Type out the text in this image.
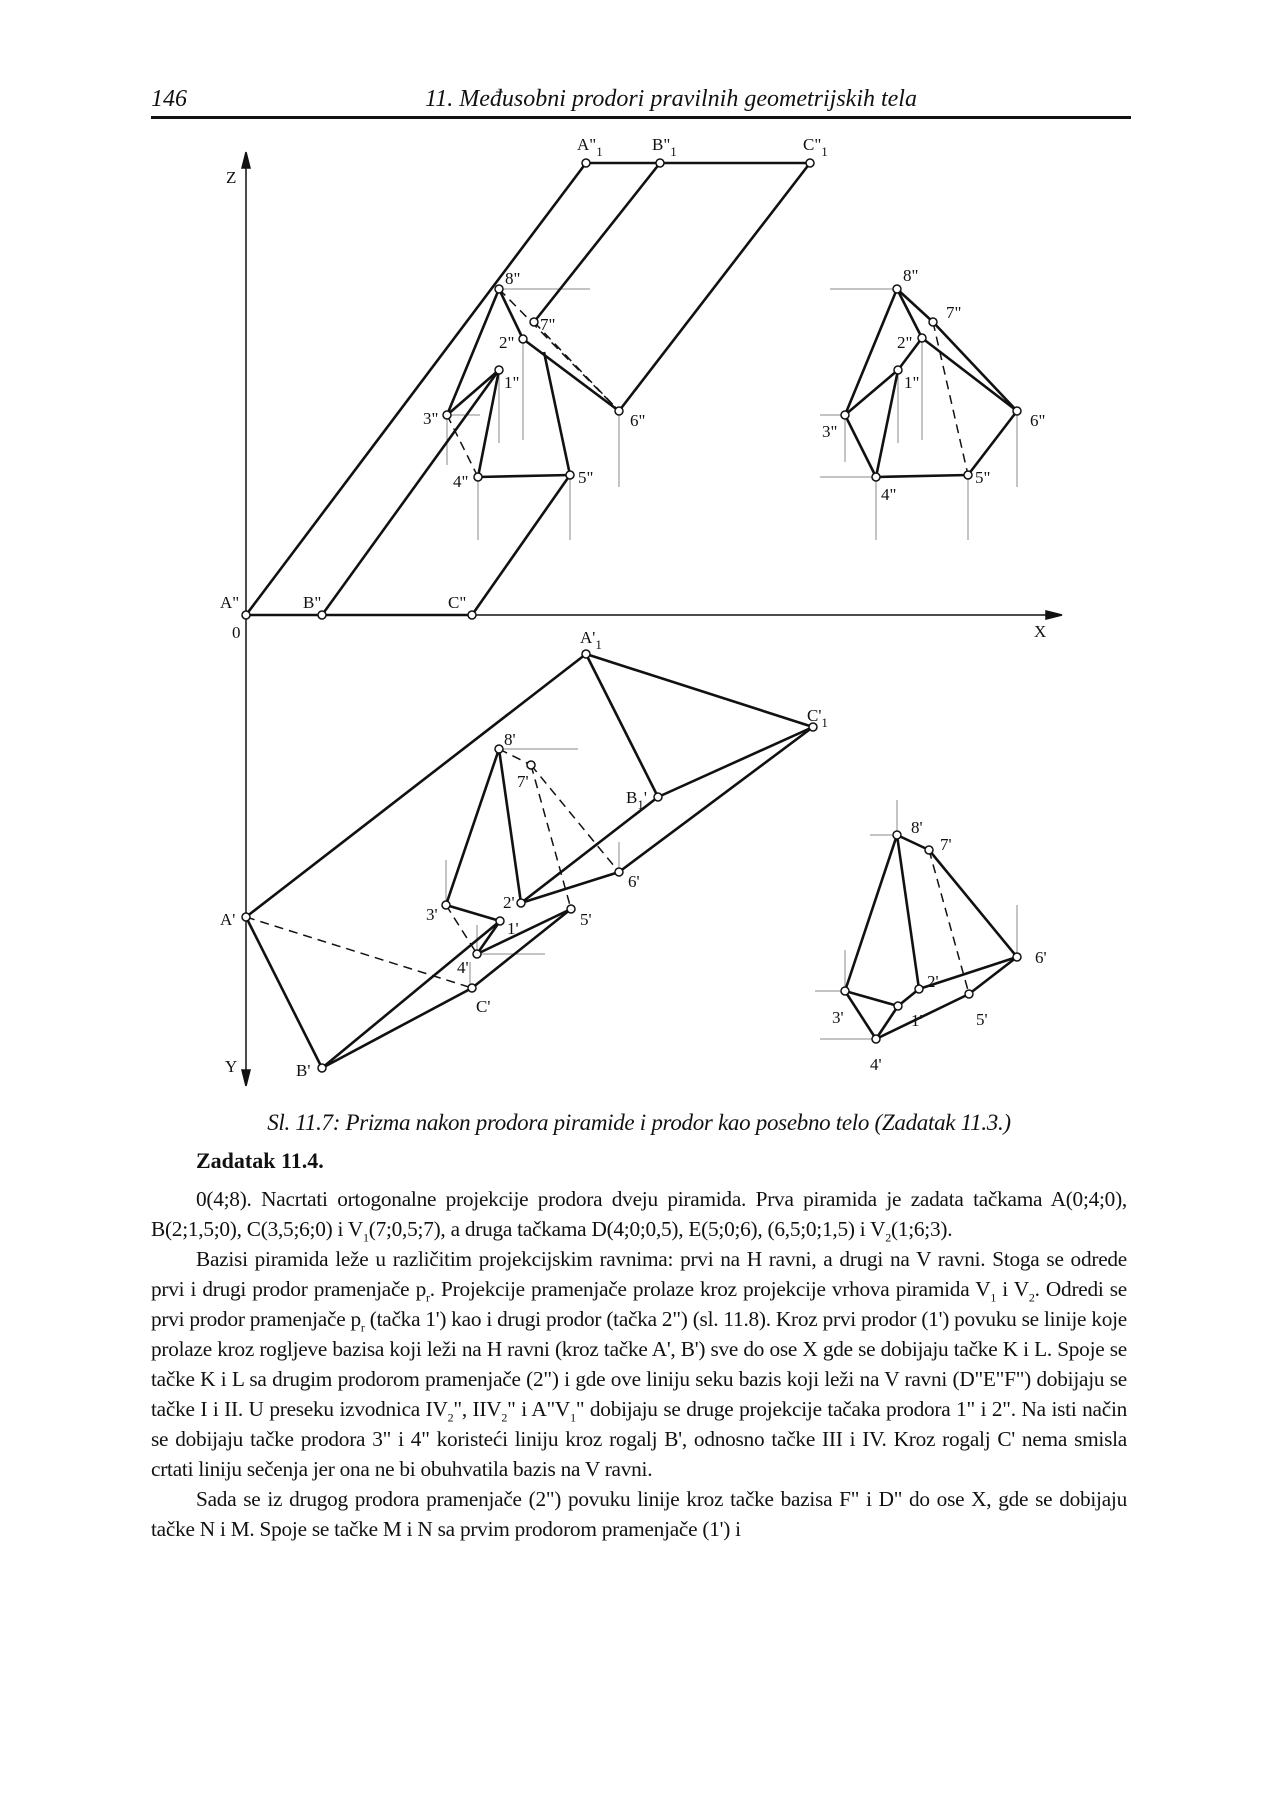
146	11. Međusobni prodori pravilnih geometrijskih tela
Z
X
0
Y
A"	B"	C"
$A"_1$	$B"_1$	$C"_1$
A'
B'
C'
$A'_1$
$B_1'$
$C'_1$
8"
7"
2"
1"
3"
4"	5"
6"
8"
7"
2"
1"
3"
4"
5"
6"
8'
7'
2'
1'
3'
4'
5'
6'
8'
7'
2'
1'
3'
4'
5'
6'
Sl. 11.7: Prizma nakon prodora piramide i prodor kao posebno telo (Zadatak 11.3.)
Zadatak 11.4.

0(4;8). Nacrtati ortogonalne projekcije prodora dveju piramida. Prva piramida je zadata tačkama A(0;4;0), B(2;1,5;0), C(3,5;6;0) i $V_1(7;0,5;7)$, a druga tačkama D(4;0;0,5), E(5;0;6), (6,5;0;1,5) i $V_2(1;6;3)$.

Bazisi piramida leže u različitim projekcijskim ravnima: prvi na H ravni, a drugi na V ravni. Stoga se odrede prvi i drugi prodor pramenjače $p_r$. Projekcije pramenjače prolaze kroz projekcije vrhova piramida $V_1$ i $V_2$. Odredi se prvi prodor pramenjače $p_r$ (tačka 1') kao i drugi prodor (tačka 2") (sl. 11.8). Kroz prvi prodor (1') povuku se linije koje prolaze kroz rogljeve bazisa koji leži na H ravni (kroz tačke A', B') sve do ose X gde se dobijaju tačke K i L. Spoje se tačke K i L sa drugim prodorom pramenjače (2") i gde ove liniju seku bazis koji leži na V ravni (D"E"F") dobijaju se tačke I i II. U preseku izvodnica $IV_2$", $IIV_2$" i $A"V_1$" dobijaju se druge projekcije tačaka prodora 1" i 2". Na isti način se dobijaju tačke prodora 3" i 4" koristeći liniju kroz rogalj B', odnosno tačke III i IV. Kroz rogalj C' nema smisla crtati liniju sečenja jer ona ne bi obuhvatila bazis na V ravni.

Sada se iz drugog prodora pramenjače (2") povuku linije kroz tačke bazisa F" i D" do ose X, gde se dobijaju tačke N i M. Spoje se tačke M i N sa prvim prodorom pramenjače (1') i
